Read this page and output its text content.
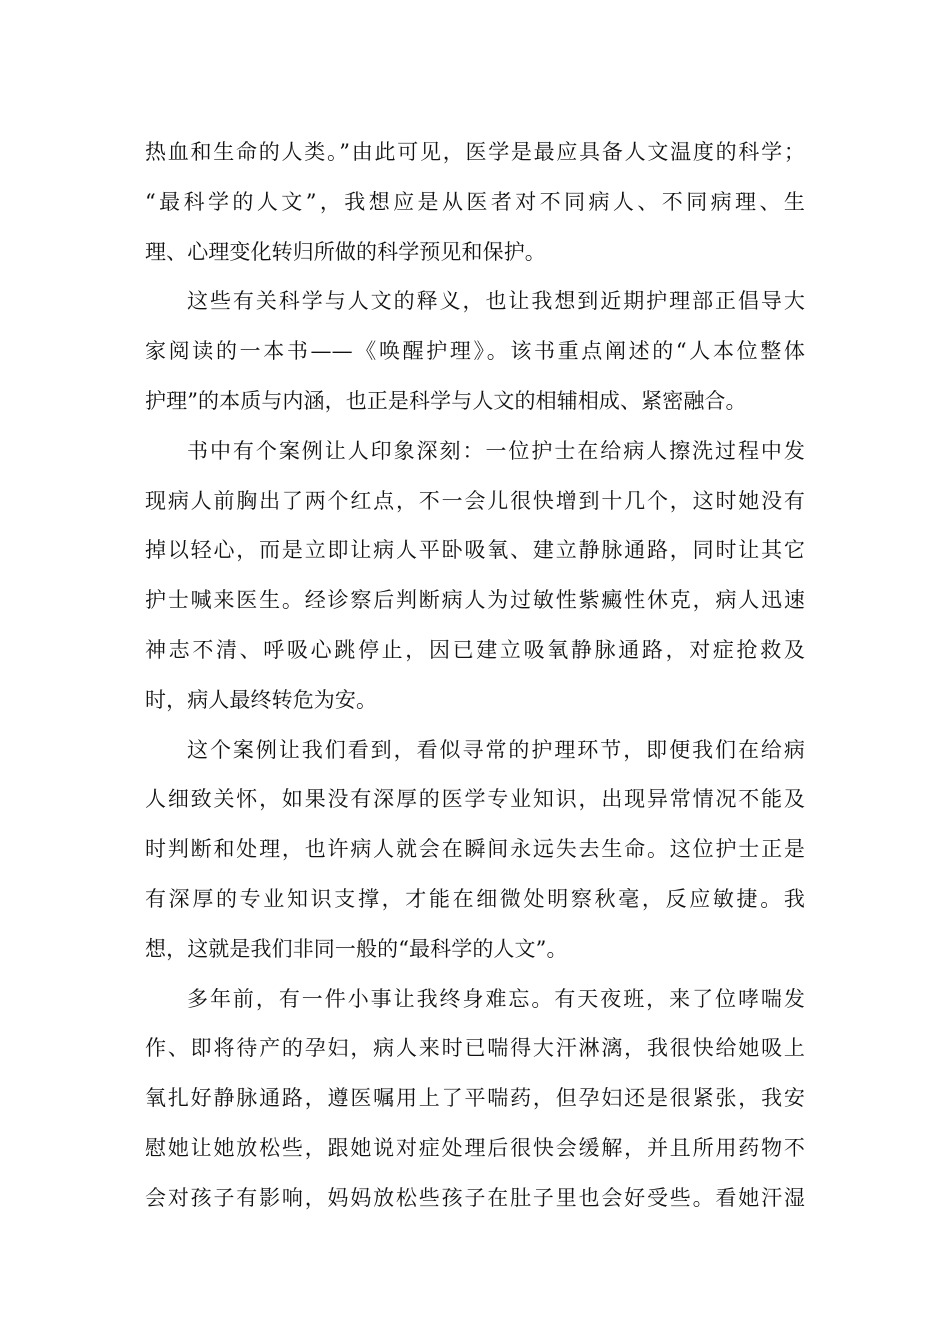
热血和生命的人类。”由此可见，医学是最应具备人文温度的科学；
“最科学的人文”，我想应是从医者对不同病人、不同病理、生
理、心理变化转归所做的科学预见和保护。
这些有关科学与人文的释义，也让我想到近期护理部正倡导大
家阅读的一本书——《唤醒护理》。该书重点阐述的“人本位整体
护理”的本质与内涵，也正是科学与人文的相辅相成、紧密融合。
书中有个案例让人印象深刻：一位护士在给病人擦洗过程中发
现病人前胸出了两个红点，不一会儿很快增到十几个，这时她没有
掉以轻心，而是立即让病人平卧吸氧、建立静脉通路，同时让其它
护士喊来医生。经诊察后判断病人为过敏性紫癜性休克，病人迅速
神志不清、呼吸心跳停止，因已建立吸氧静脉通路，对症抢救及
时，病人最终转危为安。
这个案例让我们看到，看似寻常的护理环节，即便我们在给病
人细致关怀，如果没有深厚的医学专业知识，出现异常情况不能及
时判断和处理，也许病人就会在瞬间永远失去生命。这位护士正是
有深厚的专业知识支撑，才能在细微处明察秋毫，反应敏捷。我
想，这就是我们非同一般的“最科学的人文”。
多年前，有一件小事让我终身难忘。有天夜班，来了位哮喘发
作、即将待产的孕妇，病人来时已喘得大汗淋漓，我很快给她吸上
氧扎好静脉通路，遵医嘱用上了平喘药，但孕妇还是很紧张，我安
慰她让她放松些，跟她说对症处理后很快会缓解，并且所用药物不
会对孩子有影响，妈妈放松些孩子在肚子里也会好受些。看她汗湿
